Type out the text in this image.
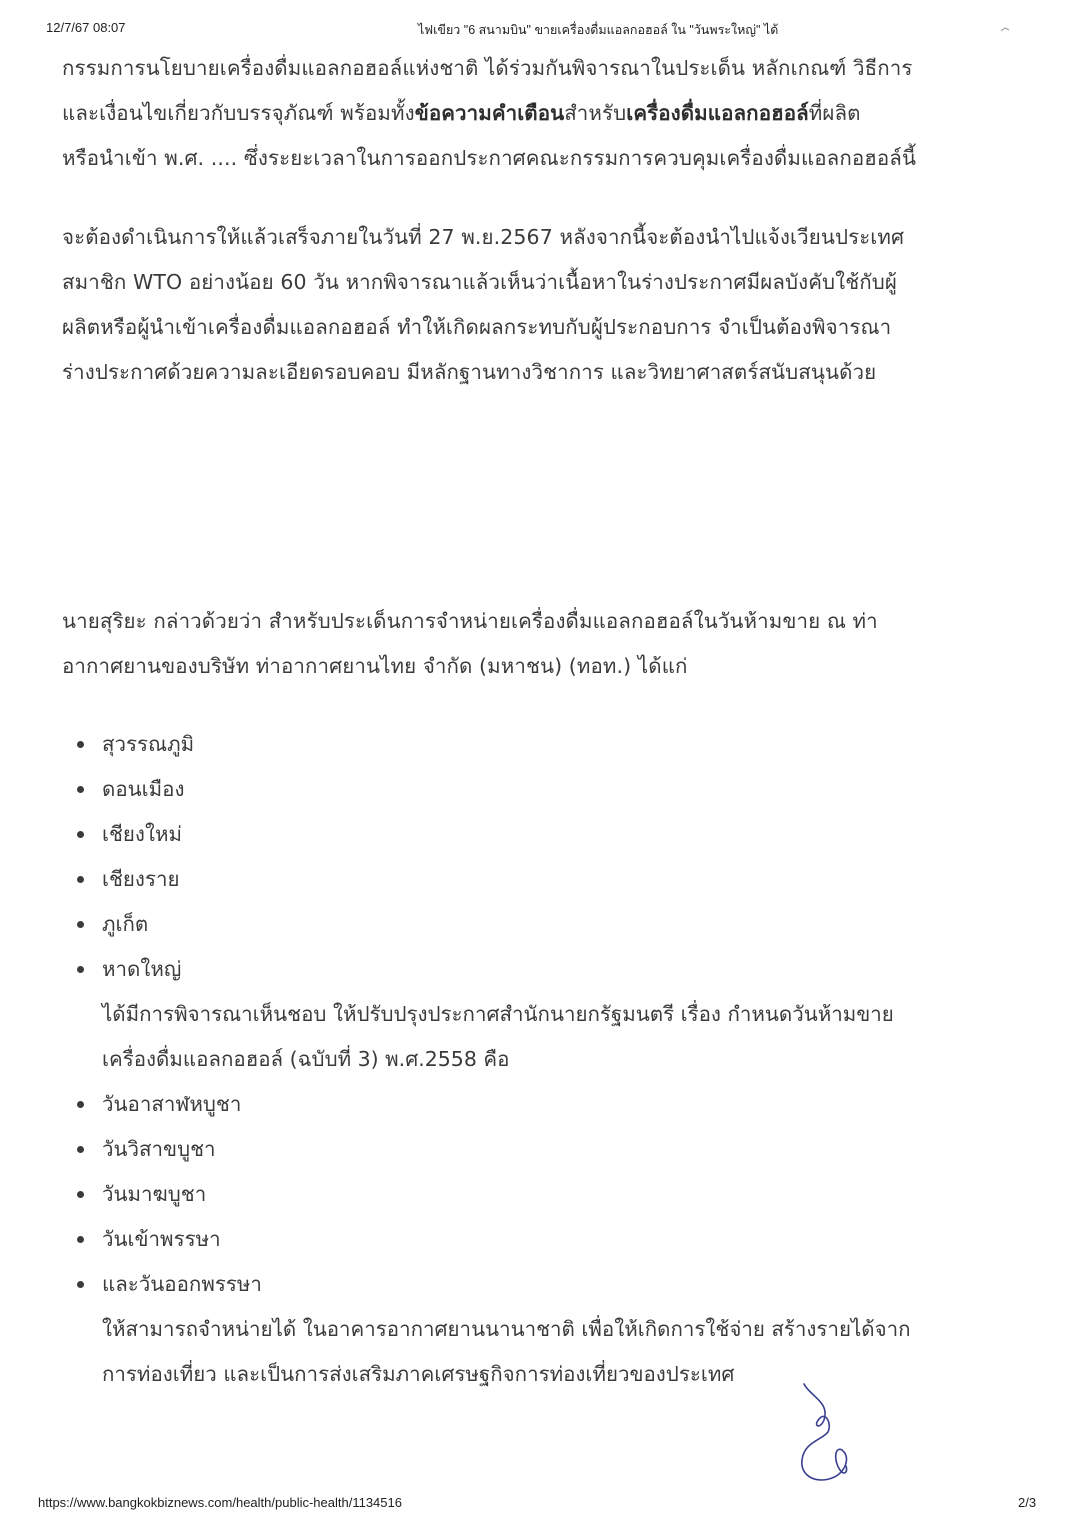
12/7/67 08:07	ไฟเขียว "6 สนามบิน" ขายเครื่องดื่มแอลกอฮอล์ ใน "วันพระใหญ่" ได้
กรรมการนโยบายเครื่องดื่มแอลกอฮอล์แห่งชาติ ได้ร่วมกันพิจารณาในประเด็น หลักเกณฑ์ วิธีการ
และเงื่อนไขเกี่ยวกับบรรจุภัณฑ์ พร้อมทั้งข้อความคำเตือนสำหรับเครื่องดื่มแอลกอฮอล์ที่ผลิต
หรือนำเข้า พ.ศ. .... ซึ่งระยะเวลาในการออกประกาศคณะกรรมการควบคุมเครื่องดื่มแอลกอฮอล์นี้
จะต้องดำเนินการให้แล้วเสร็จภายในวันที่ 27 พ.ย.2567 หลังจากนี้จะต้องนำไปแจ้งเวียนประเทศ
สมาชิก WTO อย่างน้อย 60 วัน หากพิจารณาแล้วเห็นว่าเนื้อหาในร่างประกาศมีผลบังคับใช้กับผู้
ผลิตหรือผู้นำเข้าเครื่องดื่มแอลกอฮอล์ ทำให้เกิดผลกระทบกับผู้ประกอบการ จำเป็นต้องพิจารณา
ร่างประกาศด้วยความละเอียดรอบคอบ มีหลักฐานทางวิชาการ และวิทยาศาสตร์สนับสนุนด้วย
นายสุริยะ กล่าวด้วยว่า สำหรับประเด็นการจำหน่ายเครื่องดื่มแอลกอฮอล์ในวันห้ามขาย ณ ท่า
อากาศยานของบริษัท ท่าอากาศยานไทย จำกัด (มหาชน) (ทอท.) ได้แก่
สุวรรณภูมิ
ดอนเมือง
เชียงใหม่
เชียงราย
ภูเก็ต
หาดใหญ่
ได้มีการพิจารณาเห็นชอบ ให้ปรับปรุงประกาศสำนักนายกรัฐมนตรี เรื่อง กำหนดวันห้ามขาย
เครื่องดื่มแอลกอฮอล์ (ฉบับที่ 3) พ.ศ.2558 คือ
วันอาสาฬหบูชา
วันวิสาขบูชา
วันมาฆบูชา
วันเข้าพรรษา
และวันออกพรรษา
ให้สามารถจำหน่ายได้ ในอาคารอากาศยานนานาชาติ เพื่อให้เกิดการใช้จ่าย สร้างรายได้จาก
การท่องเที่ยว และเป็นการส่งเสริมภาคเศรษฐกิจการท่องเที่ยวของประเทศ
https://www.bangkokbiznews.com/health/public-health/1134516	2/3
